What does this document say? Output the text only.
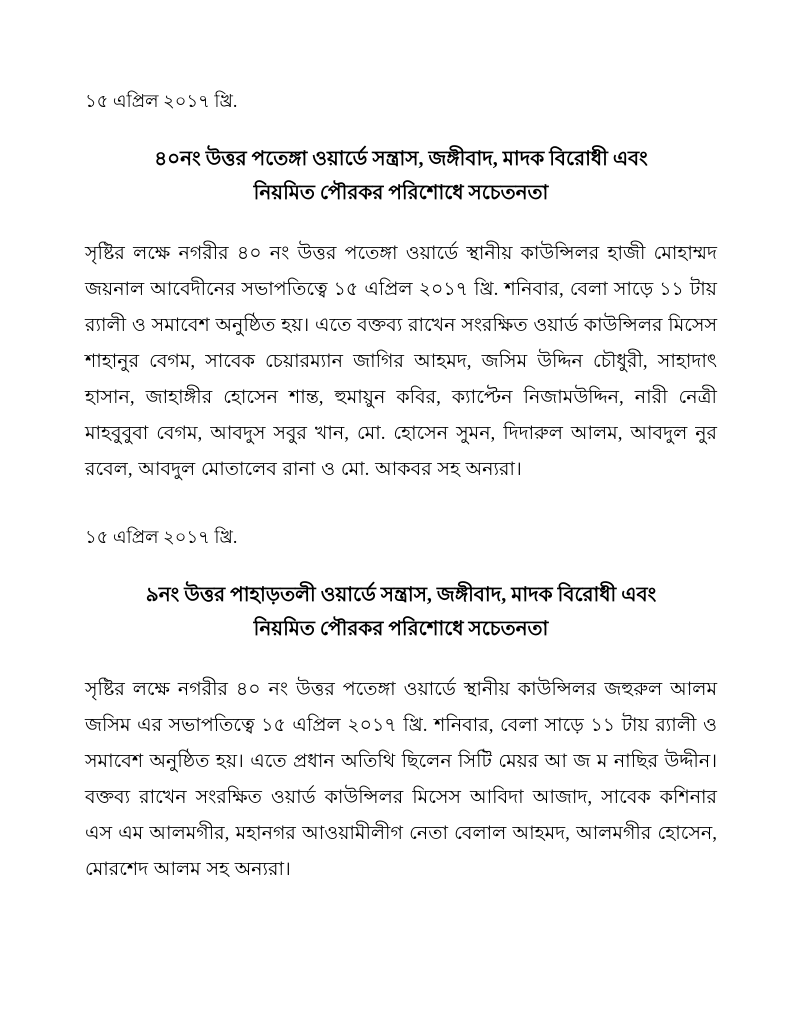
১৫ এপ্রিল ২০১৭ খ্রি.
৪০নং উত্তর পতেঙ্গা ওয়ার্ডে সন্ত্রাস, জঙ্গীবাদ, মাদক বিরোধী এবং
নিয়মিত পৌরকর পরিশোধে সচেতনতা

সৃষ্টির লক্ষে নগরীর ৪০ নং উত্তর পতেঙ্গা ওয়ার্ডে স্থানীয় কাউন্সিলর হাজী মোহাম্মদ জয়নাল আবেদীনের সভাপতিত্বে ১৫ এপ্রিল ২০১৭ খ্রি. শনিবার, বেলা সাড়ে ১১ টায় র‍্যালী ও সমাবেশ অনুষ্ঠিত হয়। এতে বক্তব্য রাখেন সংরক্ষিত ওয়ার্ড কাউন্সিলর মিসেস শাহানুর বেগম, সাবেক চেয়ারম্যান জাগির আহমদ, জসিম উদ্দিন চৌধুরী, সাহাদাৎ হাসান, জাহাঙ্গীর হোসেন শান্ত, হুমায়ুন কবির, ক্যাপ্টেন নিজামউদ্দিন, নারী নেত্রী মাহবুবুবা বেগম, আবদুস সবুর খান, মো. হোসেন সুমন, দিদারুল আলম, আবদুল নুর রবেল, আবদুল মোতালেব রানা ও মো. আকবর সহ অন্যরা।

১৫ এপ্রিল ২০১৭ খ্রি.
৯নং উত্তর পাহাড়তলী ওয়ার্ডে সন্ত্রাস, জঙ্গীবাদ, মাদক বিরোধী এবং
নিয়মিত পৌরকর পরিশোধে সচেতনতা

সৃষ্টির লক্ষে নগরীর ৪০ নং উত্তর পতেঙ্গা ওয়ার্ডে স্থানীয় কাউন্সিলর জহুরুল আলম জসিম এর সভাপতিত্বে ১৫ এপ্রিল ২০১৭ খ্রি. শনিবার, বেলা সাড়ে ১১ টায় র‍্যালী ও সমাবেশ অনুষ্ঠিত হয়। এতে প্রধান অতিথি ছিলেন সিটি মেয়র আ জ ম নাছির উদ্দীন। বক্তব্য রাখেন সংরক্ষিত ওয়ার্ড কাউন্সিলর মিসেস আবিদা আজাদ, সাবেক কশিনার এস এম আলমগীর, মহানগর আওয়ামীলীগ নেতা বেলাল আহমদ, আলমগীর হোসেন, মোরশেদ আলম সহ অন্যরা।
